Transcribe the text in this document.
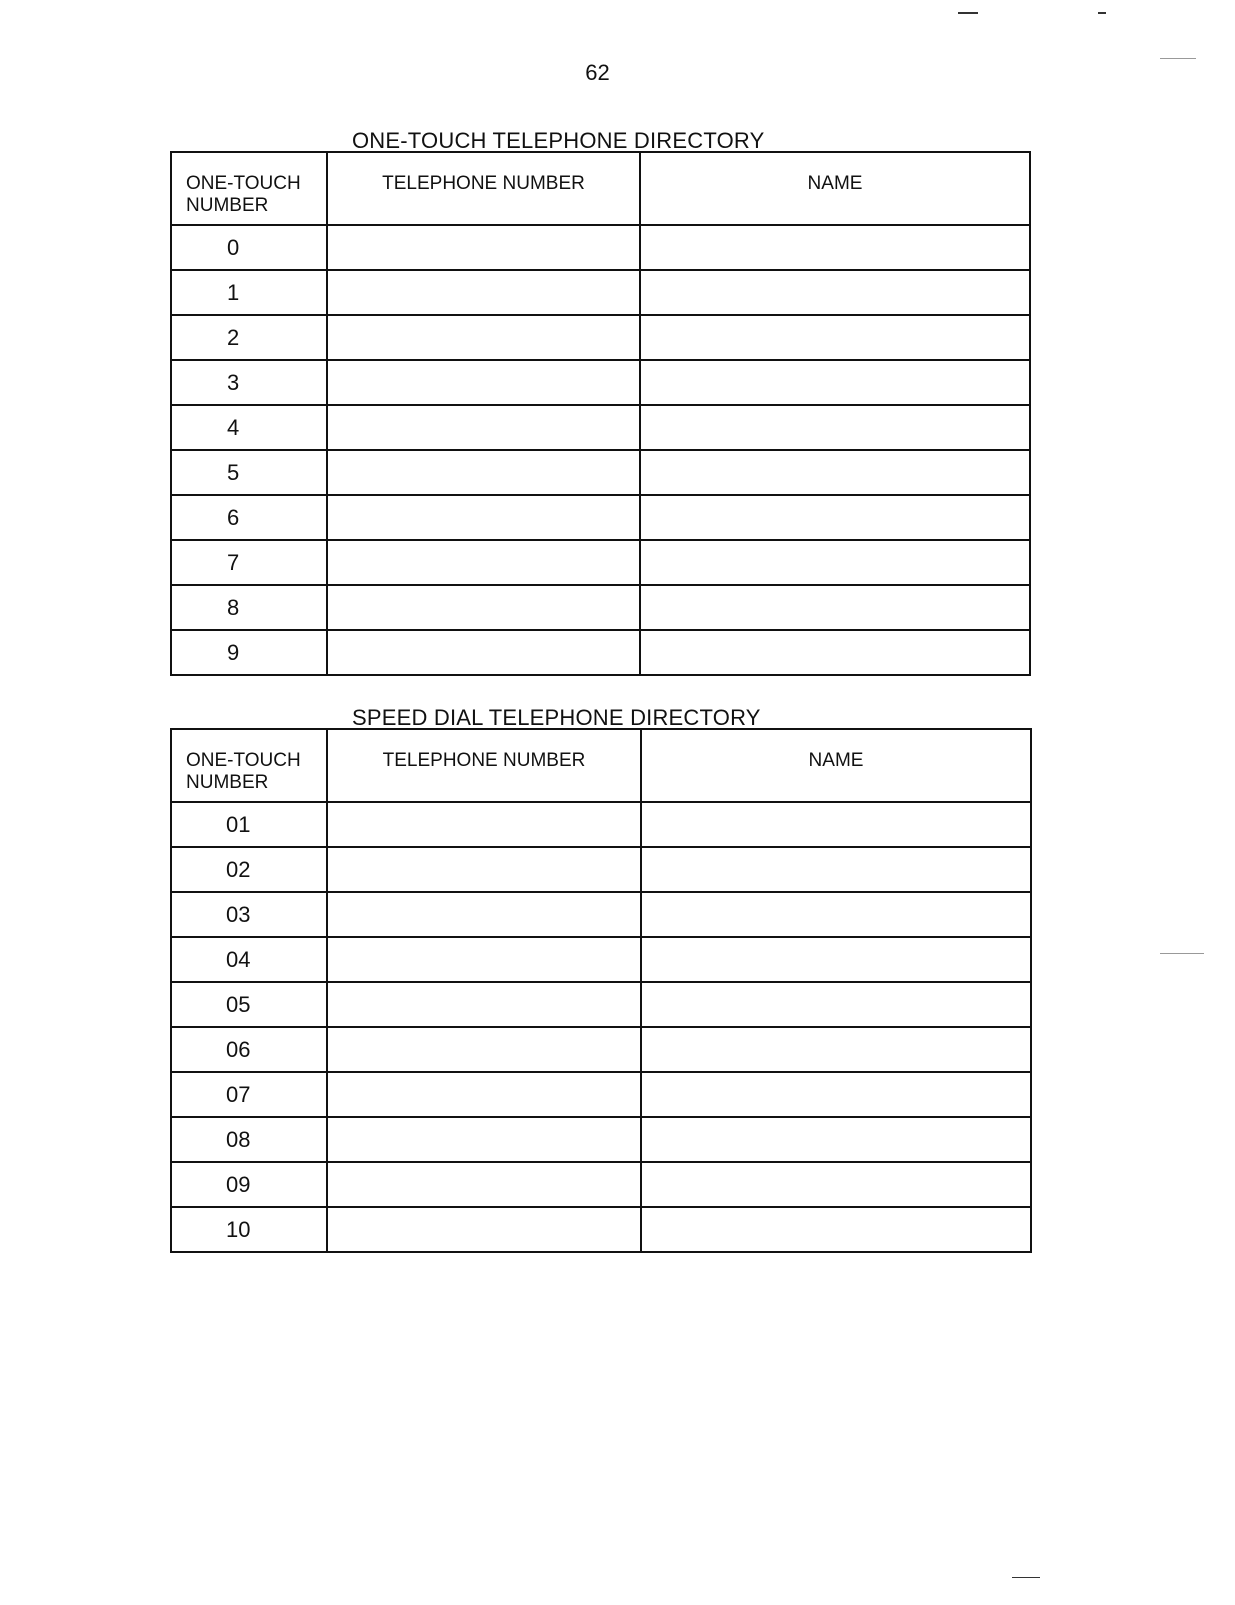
62
ONE-TOUCH TELEPHONE DIRECTORY
ONE-TOUCH
NUMBER	TELEPHONE NUMBER	NAME
0		
1		
2		
3		
4		
5		
6		
7		
8		
9		
SPEED DIAL TELEPHONE DIRECTORY
ONE-TOUCH
NUMBER	TELEPHONE NUMBER	NAME
01		
02		
03		
04		
05		
06		
07		
08		
09		
10		
